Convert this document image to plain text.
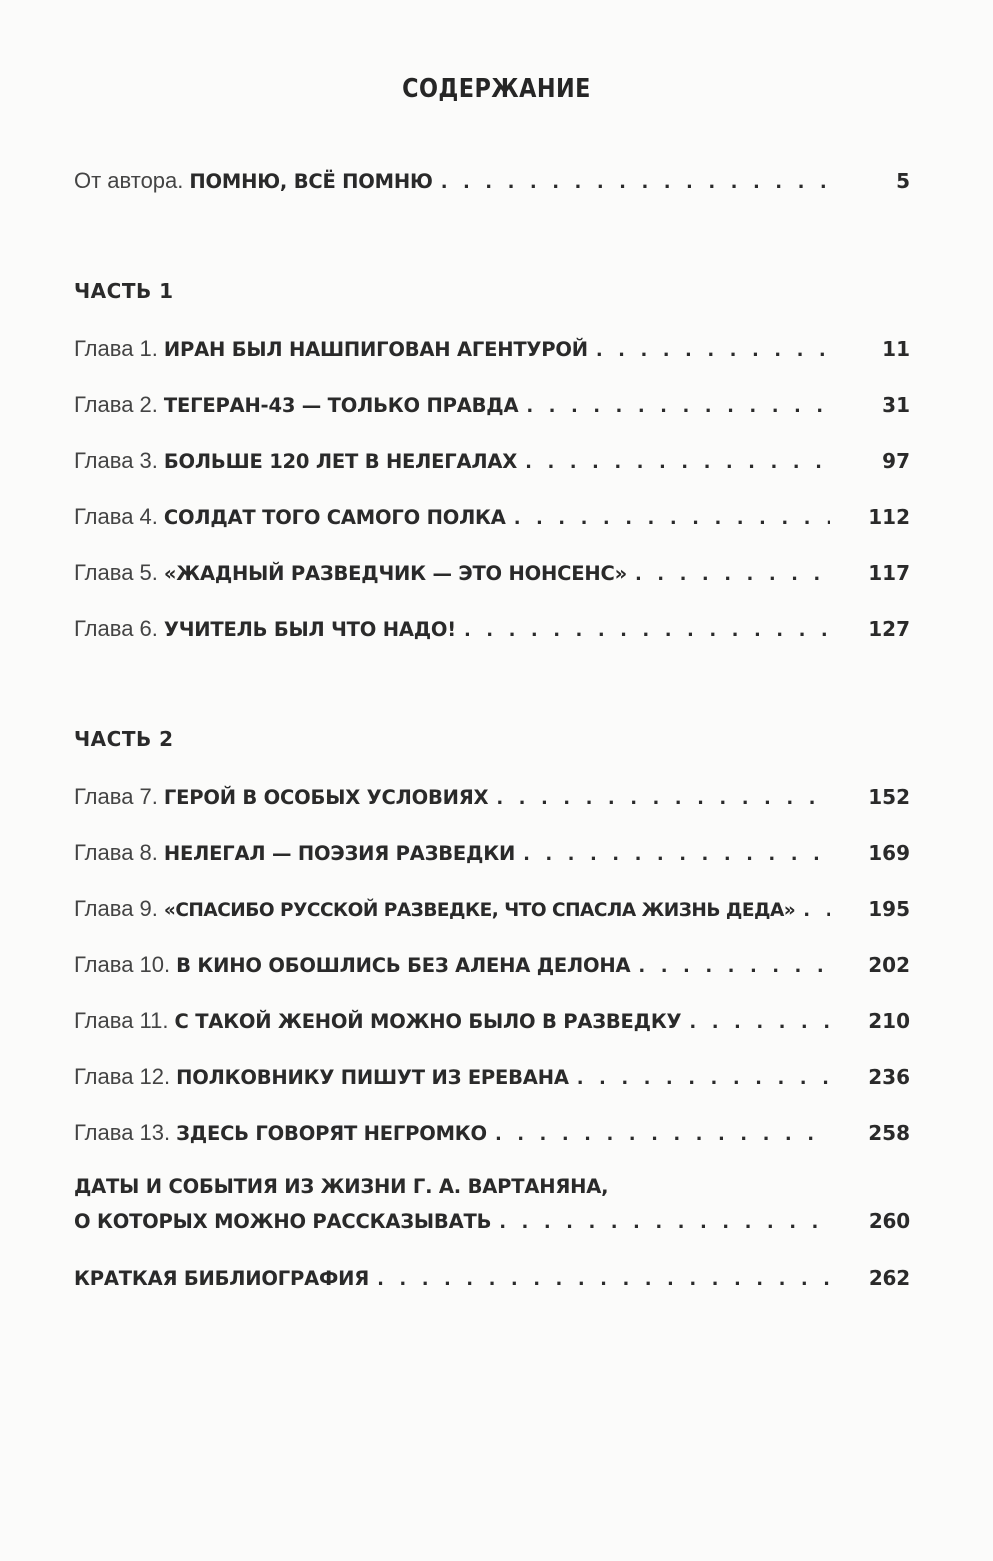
СОДЕРЖАНИЕ
От автора. ПОМНЮ, ВСЁ ПОМНЮ . . .	5
ЧАСТЬ 1
Глава 1. ИРАН БЫЛ НАШПИГОВАН АГЕНТУРОЙ . . .	11
Глава 2. ТЕГЕРАН-43 — ТОЛЬКО ПРАВДА . . .	31
Глава 3. БОЛЬШЕ 120 ЛЕТ В НЕЛЕГАЛАХ . . .	97
Глава 4. СОЛДАТ ТОГО САМОГО ПОЛКА . . .	112
Глава 5. «ЖАДНЫЙ РАЗВЕДЧИК — ЭТО НОНСЕНС» . . .	117
Глава 6. УЧИТЕЛЬ БЫЛ ЧТО НАДО! . . .	127
ЧАСТЬ 2
Глава 7. ГЕРОЙ В ОСОБЫХ УСЛОВИЯХ . . .	152
Глава 8. НЕЛЕГАЛ — ПОЭЗИЯ РАЗВЕДКИ . . .	169
Глава 9. «СПАСИБО РУССКОЙ РАЗВЕДКЕ, ЧТО СПАСЛА ЖИЗНЬ ДЕДА» . . .	195
Глава 10. В КИНО ОБОШЛИСЬ БЕЗ АЛЕНА ДЕЛОНА . . .	202
Глава 11. С ТАКОЙ ЖЕНОЙ МОЖНО БЫЛО В РАЗВЕДКУ . . .	210
Глава 12. ПОЛКОВНИКУ ПИШУТ ИЗ ЕРЕВАНА . . .	236
Глава 13. ЗДЕСЬ ГОВОРЯТ НЕГРОМКО . . .	258
ДАТЫ И СОБЫТИЯ ИЗ ЖИЗНИ Г. А. ВАРТАНЯНА,
О КОТОРЫХ МОЖНО РАССКАЗЫВАТЬ . . .	260
КРАТКАЯ БИБЛИОГРАФИЯ . . .	262
